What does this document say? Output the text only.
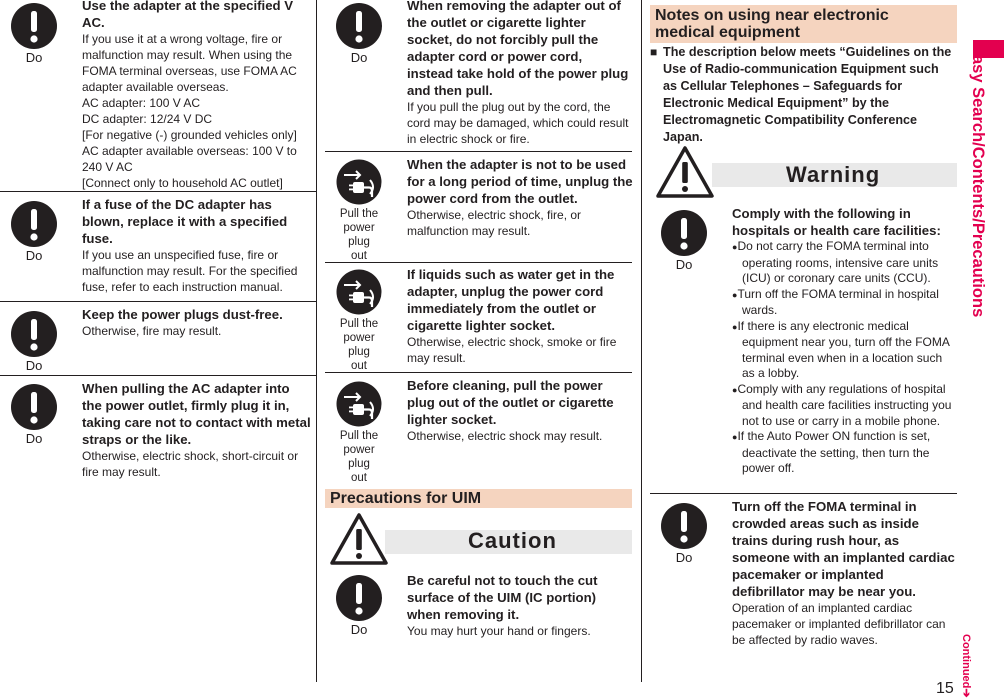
Do
Use the adapter at the specified V AC.
If you use it at a wrong voltage, fire or malfunction may result. When using the FOMA terminal overseas, use FOMA AC adapter available overseas.
AC adapter: 100 V AC
DC adapter: 12/24 V DC
[For negative (-) grounded vehicles only]
AC adapter available overseas: 100 V to 240 V AC
[Connect only to household AC outlet]
Do
If a fuse of the DC adapter has blown, replace it with a specified fuse.
If you use an unspecified fuse, fire or malfunction may result. For the specified fuse, refer to each instruction manual.
Do
Keep the power plugs dust-free.
Otherwise, fire may result.
Do
When pulling the AC adapter into the power outlet, firmly plug it in, taking care not to contact with metal straps or the like.
Otherwise, electric shock, short-circuit or fire may result.
Do
When removing the adapter out of the outlet or cigarette lighter socket, do not forcibly pull the adapter cord or power cord, instead take hold of the power plug and then pull.
If you pull the plug out by the cord, the cord may be damaged, which could result in electric shock or fire.
Pull the
power plug
out
When the adapter is not to be used for a long period of time, unplug the power cord from the outlet.
Otherwise, electric shock, fire, or malfunction may result.
Pull the
power plug
out
If liquids such as water get in the adapter, unplug the power cord immediately from the outlet or cigarette lighter socket.
Otherwise, electric shock, smoke or fire may result.
Pull the
power plug
out
Before cleaning, pull the power plug out of the outlet or cigarette lighter socket.
Otherwise, electric shock may result.
Precautions for UIM
Caution
Do
Be careful not to touch the cut surface of the UIM (IC portion) when removing it.
You may hurt your hand or fingers.
Notes on using near electronic medical equipment
■ The description below meets “Guidelines on the Use of Radio-communication Equipment such as Cellular Telephones – Safeguards for Electronic Medical Equipment” by the Electromagnetic Compatibility Conference Japan.
Warning
Do
Comply with the following in hospitals or health care facilities:
●Do not carry the FOMA terminal into operating rooms, intensive care units (ICU) or coronary care units (CCU).
●Turn off the FOMA terminal in hospital wards.
●If there is any electronic medical equipment near you, turn off the FOMA terminal even when in a location such as a lobby.
●Comply with any regulations of hospital and health care facilities instructing you not to use or carry in a mobile phone.
●If the Auto Power ON function is set, deactivate the setting, then turn the power off.
Do
Turn off the FOMA terminal in crowded areas such as inside trains during rush hour, as someone with an implanted cardiac pacemaker or implanted defibrillator may be near you.
Operation of an implanted cardiac pacemaker or implanted defibrillator can be affected by radio waves.
Easy Search/Contents/Precautions
Continued➔
15
